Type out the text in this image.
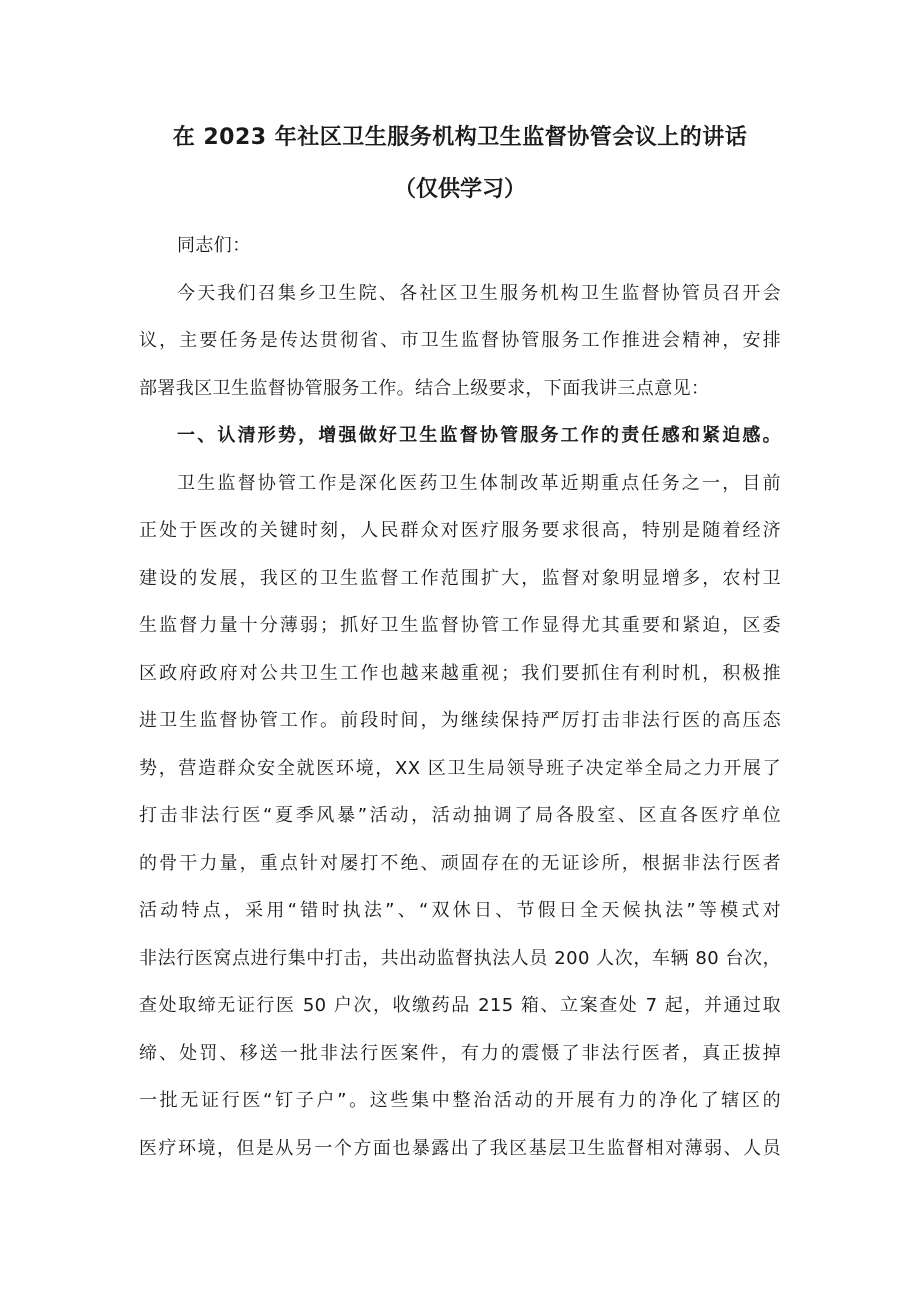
在 2023 年社区卫生服务机构卫生监督协管会议上的讲话
（仅供学习）
同志们：
今天我们召集乡卫生院、各社区卫生服务机构卫生监督协管员召开会
议，主要任务是传达贯彻省、市卫生监督协管服务工作推进会精神，安排
部署我区卫生监督协管服务工作。结合上级要求，下面我讲三点意见：
一、认清形势，增强做好卫生监督协管服务工作的责任感和紧迫感。
卫生监督协管工作是深化医药卫生体制改革近期重点任务之一，目前
正处于医改的关键时刻，人民群众对医疗服务要求很高，特别是随着经济
建设的发展，我区的卫生监督工作范围扩大，监督对象明显增多，农村卫
生监督力量十分薄弱；抓好卫生监督协管工作显得尤其重要和紧迫，区委
区政府政府对公共卫生工作也越来越重视；我们要抓住有利时机，积极推
进卫生监督协管工作。前段时间，为继续保持严厉打击非法行医的高压态
势，营造群众安全就医环境，XX 区卫生局领导班子决定举全局之力开展了
打击非法行医“夏季风暴”活动，活动抽调了局各股室、区直各医疗单位
的骨干力量，重点针对屡打不绝、顽固存在的无证诊所，根据非法行医者
活动特点，采用“错时执法”、“双休日、节假日全天候执法”等模式对
非法行医窝点进行集中打击，共出动监督执法人员 200 人次，车辆 80 台次，
查处取缔无证行医 50 户次，收缴药品 215 箱、立案查处 7 起，并通过取
缔、处罚、移送一批非法行医案件，有力的震慑了非法行医者，真正拔掉
一批无证行医“钉子户”。这些集中整治活动的开展有力的净化了辖区的
医疗环境，但是从另一个方面也暴露出了我区基层卫生监督相对薄弱、人员
